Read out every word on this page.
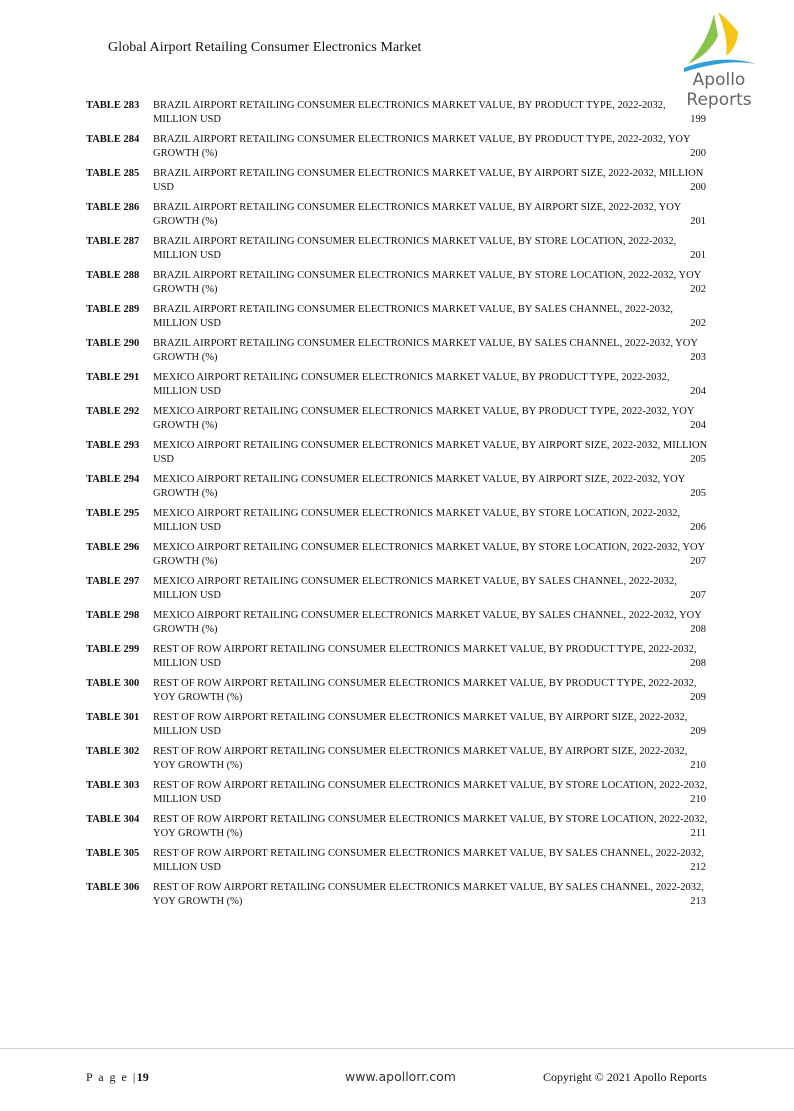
Global Airport Retailing Consumer Electronics Market
Apollo Reports
TABLE 283 BRAZIL AIRPORT RETAILING CONSUMER ELECTRONICS MARKET VALUE, BY PRODUCT TYPE, 2022-2032, MILLION USD	199
TABLE 284 BRAZIL AIRPORT RETAILING CONSUMER ELECTRONICS MARKET VALUE, BY PRODUCT TYPE, 2022-2032, YOY GROWTH (%)	200
TABLE 285 BRAZIL AIRPORT RETAILING CONSUMER ELECTRONICS MARKET VALUE, BY AIRPORT SIZE, 2022-2032, MILLION USD	200
TABLE 286 BRAZIL AIRPORT RETAILING CONSUMER ELECTRONICS MARKET VALUE, BY AIRPORT SIZE, 2022-2032, YOY GROWTH (%)	201
TABLE 287 BRAZIL AIRPORT RETAILING CONSUMER ELECTRONICS MARKET VALUE, BY STORE LOCATION, 2022-2032, MILLION USD	201
TABLE 288 BRAZIL AIRPORT RETAILING CONSUMER ELECTRONICS MARKET VALUE, BY STORE LOCATION, 2022-2032, YOY GROWTH (%)	202
TABLE 289 BRAZIL AIRPORT RETAILING CONSUMER ELECTRONICS MARKET VALUE, BY SALES CHANNEL, 2022-2032, MILLION USD	202
TABLE 290 BRAZIL AIRPORT RETAILING CONSUMER ELECTRONICS MARKET VALUE, BY SALES CHANNEL, 2022-2032, YOY GROWTH (%)	203
TABLE 291 MEXICO AIRPORT RETAILING CONSUMER ELECTRONICS MARKET VALUE, BY PRODUCT TYPE, 2022-2032, MILLION USD	204
TABLE 292 MEXICO AIRPORT RETAILING CONSUMER ELECTRONICS MARKET VALUE, BY PRODUCT TYPE, 2022-2032, YOY GROWTH (%)	204
TABLE 293 MEXICO AIRPORT RETAILING CONSUMER ELECTRONICS MARKET VALUE, BY AIRPORT SIZE, 2022-2032, MILLION USD	205
TABLE 294 MEXICO AIRPORT RETAILING CONSUMER ELECTRONICS MARKET VALUE, BY AIRPORT SIZE, 2022-2032, YOY GROWTH (%)	205
TABLE 295 MEXICO AIRPORT RETAILING CONSUMER ELECTRONICS MARKET VALUE, BY STORE LOCATION, 2022-2032, MILLION USD	206
TABLE 296 MEXICO AIRPORT RETAILING CONSUMER ELECTRONICS MARKET VALUE, BY STORE LOCATION, 2022-2032, YOY GROWTH (%)	207
TABLE 297 MEXICO AIRPORT RETAILING CONSUMER ELECTRONICS MARKET VALUE, BY SALES CHANNEL, 2022-2032, MILLION USD	207
TABLE 298 MEXICO AIRPORT RETAILING CONSUMER ELECTRONICS MARKET VALUE, BY SALES CHANNEL, 2022-2032, YOY GROWTH (%)	208
TABLE 299 REST OF ROW AIRPORT RETAILING CONSUMER ELECTRONICS MARKET VALUE, BY PRODUCT TYPE, 2022-2032, MILLION USD	208
TABLE 300 REST OF ROW AIRPORT RETAILING CONSUMER ELECTRONICS MARKET VALUE, BY PRODUCT TYPE, 2022-2032, YOY GROWTH (%)	209
TABLE 301 REST OF ROW AIRPORT RETAILING CONSUMER ELECTRONICS MARKET VALUE, BY AIRPORT SIZE, 2022-2032, MILLION USD	209
TABLE 302 REST OF ROW AIRPORT RETAILING CONSUMER ELECTRONICS MARKET VALUE, BY AIRPORT SIZE, 2022-2032, YOY GROWTH (%)	210
TABLE 303 REST OF ROW AIRPORT RETAILING CONSUMER ELECTRONICS MARKET VALUE, BY STORE LOCATION, 2022-2032, MILLION USD	210
TABLE 304 REST OF ROW AIRPORT RETAILING CONSUMER ELECTRONICS MARKET VALUE, BY STORE LOCATION, 2022-2032, YOY GROWTH (%)	211
TABLE 305 REST OF ROW AIRPORT RETAILING CONSUMER ELECTRONICS MARKET VALUE, BY SALES CHANNEL, 2022-2032, MILLION USD	212
TABLE 306 REST OF ROW AIRPORT RETAILING CONSUMER ELECTRONICS MARKET VALUE, BY SALES CHANNEL, 2022-2032, YOY GROWTH (%)	213
P a g e |19	www.apollorr.com	Copyright © 2021 Apollo Reports
